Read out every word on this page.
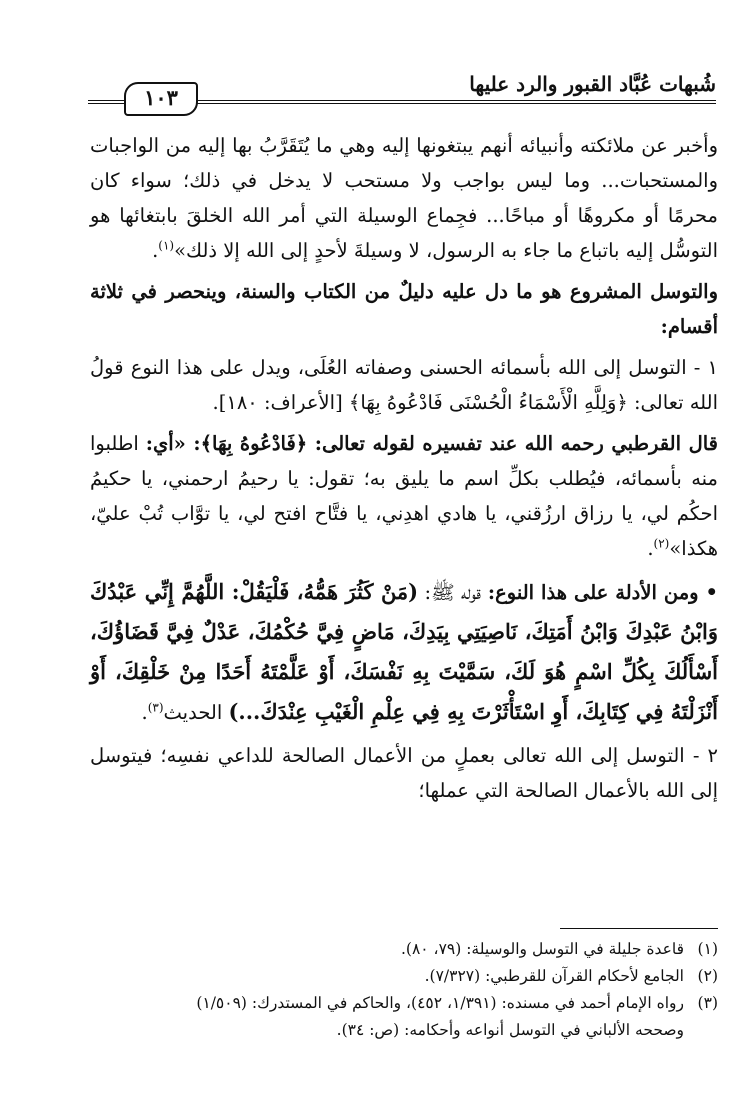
شُبهات عُبَّاد القبور والرد عليها
١٠٣

وأخبر عن ملائكته وأنبيائه أنهم يبتغونها إليه وهي ما يُتَقَرَّبُ بها إليه من الواجبات والمستحبات... وما ليس بواجب ولا مستحب لا يدخل في ذلك؛ سواء كان محرمًا أو مكروهًا أو مباحًا... فجِماع الوسيلة التي أمر الله الخلقَ بابتغائها هو التوسُّل إليه باتباع ما جاء به الرسول، لا وسيلةَ لأحدٍ إلى الله إلا ذلك»$^{(١)}$.

والتوسل المشروع هو ما دل عليه دليلٌ من الكتاب والسنة، وينحصر في ثلاثة أقسام:

١ - التوسل إلى الله بأسمائه الحسنى وصفاته العُلَى، ويدل على هذا النوع قولُ الله تعالى: ﴿وَلِلَّهِ الْأَسْمَاءُ الْحُسْنَى فَادْعُوهُ بِهَا﴾ [الأعراف: ١٨٠].

قال القرطبي رحمه الله عند تفسيره لقوله تعالى: ﴿فَادْعُوهُ بِهَا﴾: «أي: اطلبوا منه بأسمائه، فيُطلب بكلِّ اسم ما يليق به؛ تقول: يا رحيمُ ارحمني، يا حكيمُ احكُم لي، يا رزاق ارزُقني، يا هادي اهدِني، يا فتَّاح افتح لي، يا توَّاب تُبْ عليّ، هكذا»$^{(٢)}$.

• ومن الأدلة على هذا النوع: قوله ﷺ: (مَنْ كَثُرَ هَمُّهُ، فَلْيَقُلْ: اللَّهُمَّ إِنِّي عَبْدُكَ وَابْنُ عَبْدِكَ وَابْنُ أَمَتِكَ، نَاصِيَتِي بِيَدِكَ، مَاضٍ فِيَّ حُكْمُكَ، عَدْلٌ فِيَّ قَضَاؤُكَ، أَسْأَلُكَ بِكُلِّ اسْمٍ هُوَ لَكَ، سَمَّيْتَ بِهِ نَفْسَكَ، أَوْ عَلَّمْتَهُ أَحَدًا مِنْ خَلْقِكَ، أَوْ أَنْزَلْتَهُ فِي كِتَابِكَ، أَوِ اسْتَأْثَرْتَ بِهِ فِي عِلْمِ الْغَيْبِ عِنْدَكَ...) الحديث$^{(٣)}$.

٢ - التوسل إلى الله تعالى بعملٍ من الأعمال الصالحة للداعي نفسِه؛ فيتوسل إلى الله بالأعمال الصالحة التي عملها؛

(١)قاعدة جليلة في التوسل والوسيلة: (٧٩، ٨٠).
(٢)الجامع لأحكام القرآن للقرطبي: (٧/٣٢٧).
(٣)رواه الإمام أحمد في مسنده: (١/٣٩١، ٤٥٢)، والحاكم في المستدرك: (١/٥٠٩)
وصححه الألباني في التوسل أنواعه وأحكامه: (ص: ٣٤).
